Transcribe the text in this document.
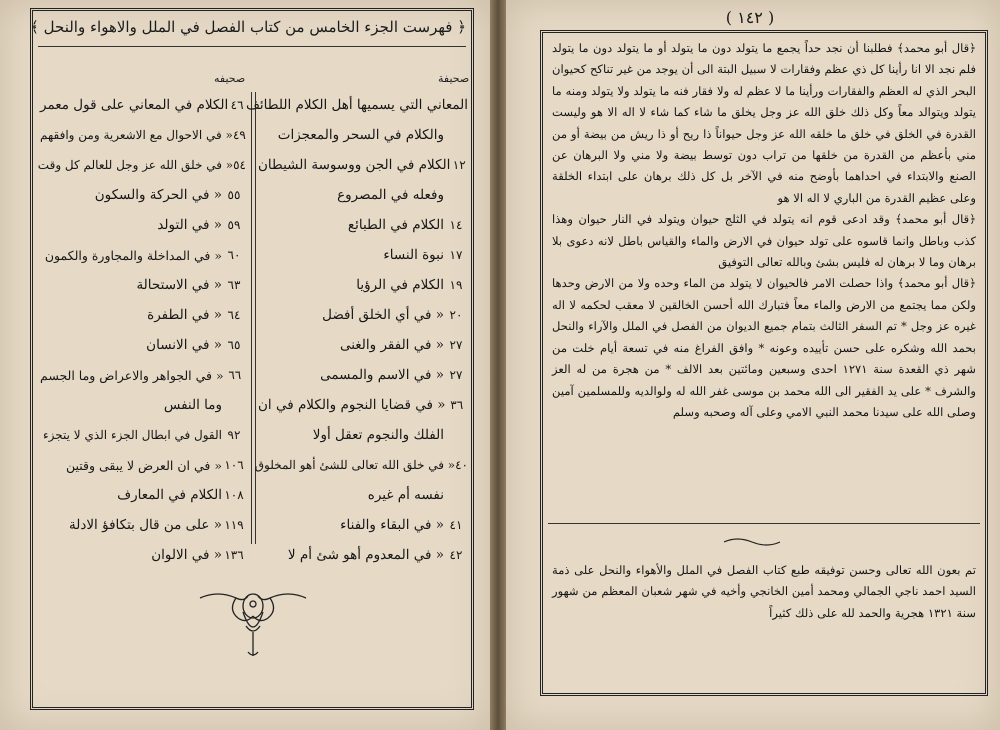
﴿ فهرست الجزء الخامس من كتاب الفصل في الملل والاهواء والنحل ﴾
صحيفة
صحيفه
المعاني التي يسميها أهل الكلام اللطائف
والكلام في السحر والمعجزات
١٢
الكلام في الجن ووسوسة الشيطان
وفعله في المصروع
١٤
الكلام في الطبائع
١٧
نبوة النساء
١٩
الكلام في الرؤيا
٢٠
« في أي الخلق أفضل
٢٧
« في الفقر والغنى
٢٧
« في الاسم والمسمى
٣٦
« في قضايا النجوم والكلام في ان
الفلك والنجوم تعقل أولا
٤٠
« في خلق الله تعالى للشئ أهو المخلوق
نفسه أم غيره
٤١
« في البقاء والفناء
٤٢
« في المعدوم أهو شئ أم لا
٤٦
الكلام في المعاني على قول معمر
٤٩
« في الاحوال مع الاشعرية ومن وافقهم
٥٤
« في خلق الله عز وجل للعالم كل وقت
٥٥
« في الحركة والسكون
٥٩
« في التولد
٦٠
« في المداخلة والمجاورة والكمون
٦٣
« في الاستحالة
٦٤
« في الطفرة
٦٥
« في الانسان
٦٦
« في الجواهر والاعراض وما الجسم
وما النفس
٩٢
القول في ابطال الجزء الذي لا يتجزء
١٠٦
« في ان العرض لا يبقى وقتين
١٠٨
الكلام في المعارف
١١٩
« على من قال بتكافؤ الادلة
١٣٦
« في الالوان
( ١٤٢ )

﴿قال أبو محمد﴾ فطلبنا أن نجد حداً يجمع ما يتولد دون ما يتولد أو ما يتولد دون ما يتولد فلم نجد الا انا رأينا كل ذي عظم وفقارات لا سبيل البتة الى أن يوجد من غير تناكح كحيوان البحر الذي له العظم والفقارات ورأينا ما لا عظم له ولا فقار فنه ما يتولد ولا يتولد ومنه ما يتولد ويتوالد معاً وكل ذلك خلق الله عز وجل يخلق ما شاء كما شاء لا اله الا هو وليست القدرة في الخلق في خلق ما خلقه الله عز وجل حيواناً ذا ريح أو ذا ريش من بيضة أو من مني بأعظم من القدرة من خلقها من تراب دون توسط بيضة ولا مني ولا البرهان عن الصنع والابتداء في احداهما بأوضح منه في الآخر بل كل ذلك برهان على ابتداء الخلقة وعلى عظيم القدرة من الباري لا اله الا هو

﴿قال أبو محمد﴾ وقد ادعى قوم انه يتولد في الثلج حيوان ويتولد في النار حيوان وهذا كذب وباطل وانما قاسوه على تولد حيوان في الارض والماء والقياس باطل لانه دعوى بلا برهان وما لا برهان له فليس بشئ وبالله تعالى التوفيق

﴿قال أبو محمد﴾ واذا حصلت الامر فالحيوان لا يتولد من الماء وحده ولا من الارض وحدها ولكن مما يجتمع من الارض والماء معاً فتبارك الله أحسن الخالقين لا معقب لحكمه لا اله غيره عز وجل * تم السفر الثالث بتمام جميع الديوان من الفصل في الملل والآراء والنحل بحمد الله وشكره على حسن تأييده وعونه * وافق الفراغ منه في تسعة أيام خلت من شهر ذي القعدة سنة ١٢٧١ احدى وسبعين ومائتين بعد الالف * من هجرة من له العز والشرف * على يد الفقير الى الله محمد بن موسى غفر الله له ولوالديه وللمسلمين آمين وصلى الله على سيدنا محمد النبي الامي وعلى آله وصحبه وسلم

تم بعون الله تعالى وحسن توفيقه طبع كتاب الفصل في الملل والأهواء والنحل على ذمة السيد احمد ناجي الجمالي ومحمد أمين الخانجي وأخيه في شهر شعبان المعظم من شهور سنة ١٣٢١ هجرية والحمد لله على ذلك كثيراً
